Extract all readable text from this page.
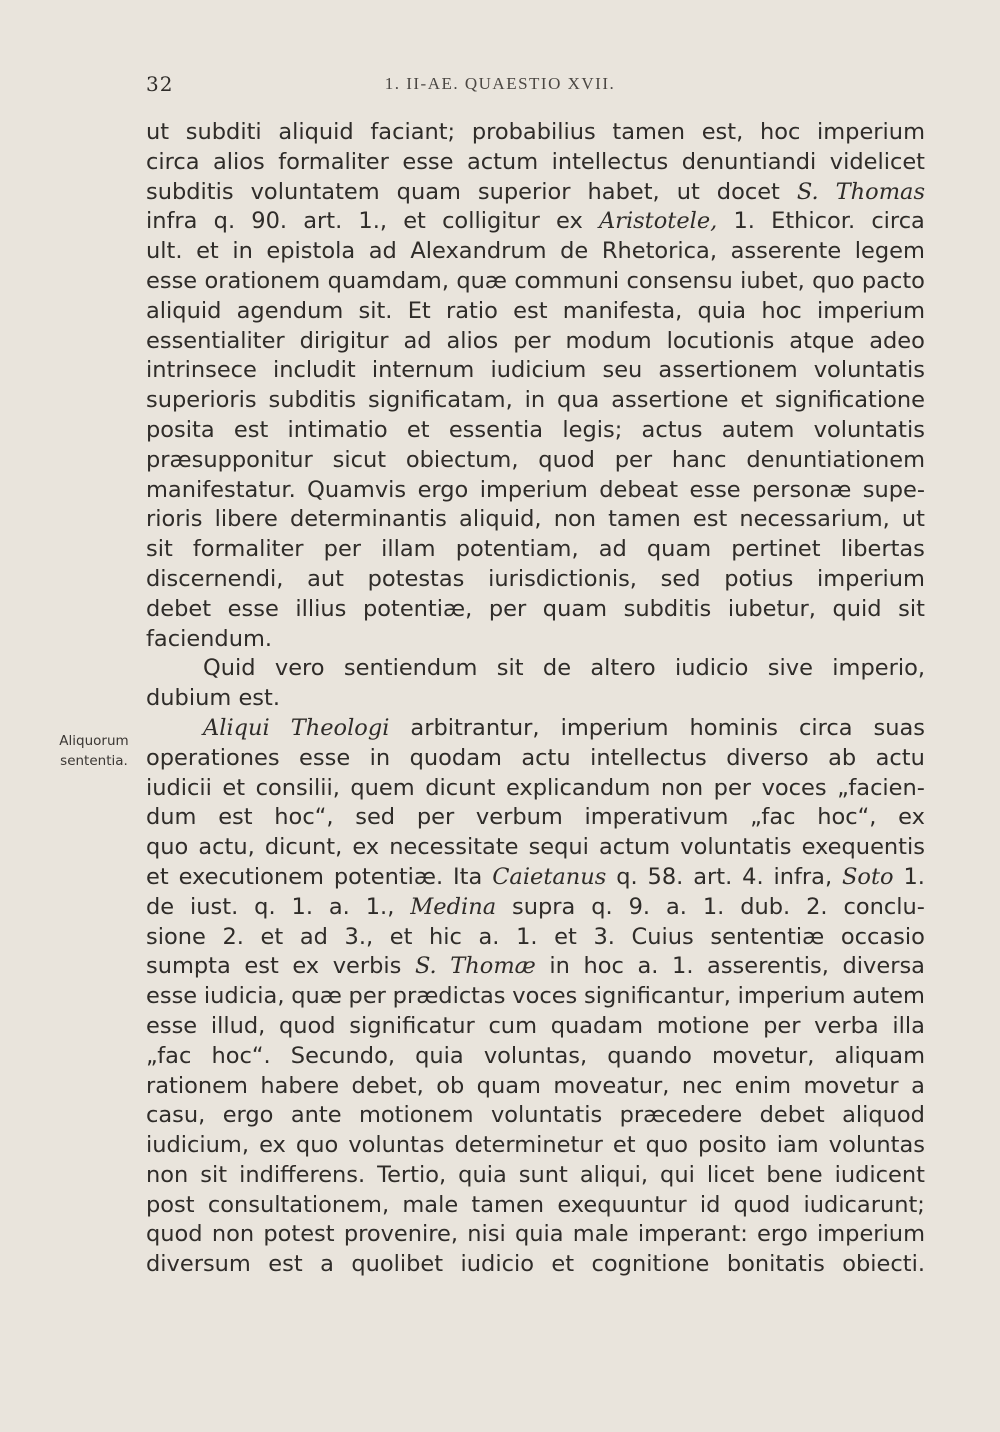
32	1. II-AE. QUAESTIO XVII.
Aliquorum
sententia.
ut subditi aliquid faciant; probabilius tamen est, hoc imperium
circa alios formaliter esse actum intellectus denuntiandi videlicet
subditis voluntatem quam superior habet, ut docet S. Thomas
infra q. 90. art. 1., et colligitur ex Aristotele, 1. Ethicor. circa
ult. et in epistola ad Alexandrum de Rhetorica, asserente legem
esse orationem quamdam, quæ communi consensu iubet, quo pacto
aliquid agendum sit. Et ratio est manifesta, quia hoc imperium
essentialiter dirigitur ad alios per modum locutionis atque adeo
intrinsece includit internum iudicium seu assertionem voluntatis
superioris subditis significatam, in qua assertione et significatione
posita est intimatio et essentia legis; actus autem voluntatis
præsupponitur sicut obiectum, quod per hanc denuntiationem
manifestatur. Quamvis ergo imperium debeat esse personæ supe-
rioris libere determinantis aliquid, non tamen est necessarium, ut
sit formaliter per illam potentiam, ad quam pertinet libertas
discernendi, aut potestas iurisdictionis, sed potius imperium
debet esse illius potentiæ, per quam subditis iubetur, quid sit
faciendum.
Quid vero sentiendum sit de altero iudicio sive imperio,
dubium est.
Aliqui Theologi arbitrantur, imperium hominis circa suas
operationes esse in quodam actu intellectus diverso ab actu
iudicii et consilii, quem dicunt explicandum non per voces „facien-
dum est hoc“, sed per verbum imperativum „fac hoc“, ex
quo actu, dicunt, ex necessitate sequi actum voluntatis exequentis
et executionem potentiæ. Ita Caietanus q. 58. art. 4. infra, Soto 1.
de iust. q. 1. a. 1., Medina supra q. 9. a. 1. dub. 2. conclu-
sione 2. et ad 3., et hic a. 1. et 3. Cuius sententiæ occasio
sumpta est ex verbis S. Thomæ in hoc a. 1. asserentis, diversa
esse iudicia, quæ per prædictas voces significantur, imperium autem
esse illud, quod significatur cum quadam motione per verba illa
„fac hoc“. Secundo, quia voluntas, quando movetur, aliquam
rationem habere debet, ob quam moveatur, nec enim movetur a
casu, ergo ante motionem voluntatis præcedere debet aliquod
iudicium, ex quo voluntas determinetur et quo posito iam voluntas
non sit indifferens. Tertio, quia sunt aliqui, qui licet bene iudicent
post consultationem, male tamen exequuntur id quod iudicarunt;
quod non potest provenire, nisi quia male imperant: ergo imperium
diversum est a quolibet iudicio et cognitione bonitatis obiecti.
